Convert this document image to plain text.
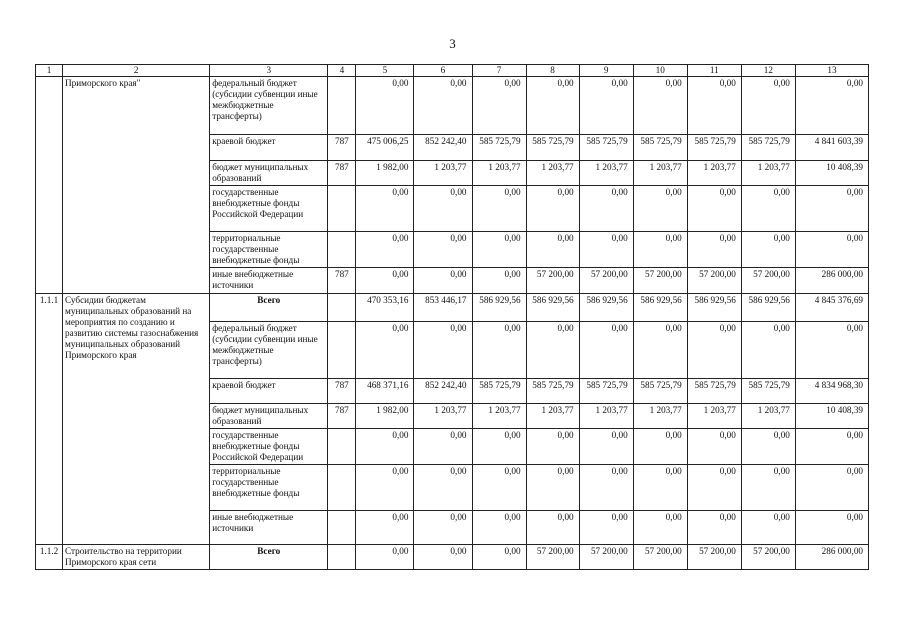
3
1	2	3	4	5	6	7	8	9	10	11	12	13
	Приморского края"	федеральный бюджет (субсидии субвенции иные межбюджетные трансферты)		0,00	0,00	0,00	0,00	0,00	0,00	0,00	0,00	0,00
		краевой бюджет	787	475 006,25	852 242,40	585 725,79	585 725,79	585 725,79	585 725,79	585 725,79	585 725,79	4 841 603,39
		бюджет муниципальных образований	787	1 982,00	1 203,77	1 203,77	1 203,77	1 203,77	1 203,77	1 203,77	1 203,77	10 408,39
		государственные внебюджетные фонды Российской Федерации		0,00	0,00	0,00	0,00	0,00	0,00	0,00	0,00	0,00
		территориальные государственные внебюджетные фонды		0,00	0,00	0,00	0,00	0,00	0,00	0,00	0,00	0,00
		иные внебюджетные источники	787	0,00	0,00	0,00	57 200,00	57 200,00	57 200,00	57 200,00	57 200,00	286 000,00
1.1.1	Субсидии бюджетам муниципальных образований на мероприятия по созданию и развитию системы газоснабжения муниципальных образований Приморского края	Всего		470 353,16	853 446,17	586 929,56	586 929,56	586 929,56	586 929,56	586 929,56	586 929,56	4 845 376,69
		федеральный бюджет (субсидии субвенции иные межбюджетные трансферты)		0,00	0,00	0,00	0,00	0,00	0,00	0,00	0,00	0,00
		краевой бюджет	787	468 371,16	852 242,40	585 725,79	585 725,79	585 725,79	585 725,79	585 725,79	585 725,79	4 834 968,30
		бюджет муниципальных образований	787	1 982,00	1 203,77	1 203,77	1 203,77	1 203,77	1 203,77	1 203,77	1 203,77	10 408,39
		государственные внебюджетные фонды Российской Федерации		0,00	0,00	0,00	0,00	0,00	0,00	0,00	0,00	0,00
		территориальные государственные внебюджетные фонды		0,00	0,00	0,00	0,00	0,00	0,00	0,00	0,00	0,00
		иные внебюджетные источники		0,00	0,00	0,00	0,00	0,00	0,00	0,00	0,00	0,00
1.1.2	Строительство на территории Приморского края сети	Всего		0,00	0,00	0,00	57 200,00	57 200,00	57 200,00	57 200,00	57 200,00	286 000,00
